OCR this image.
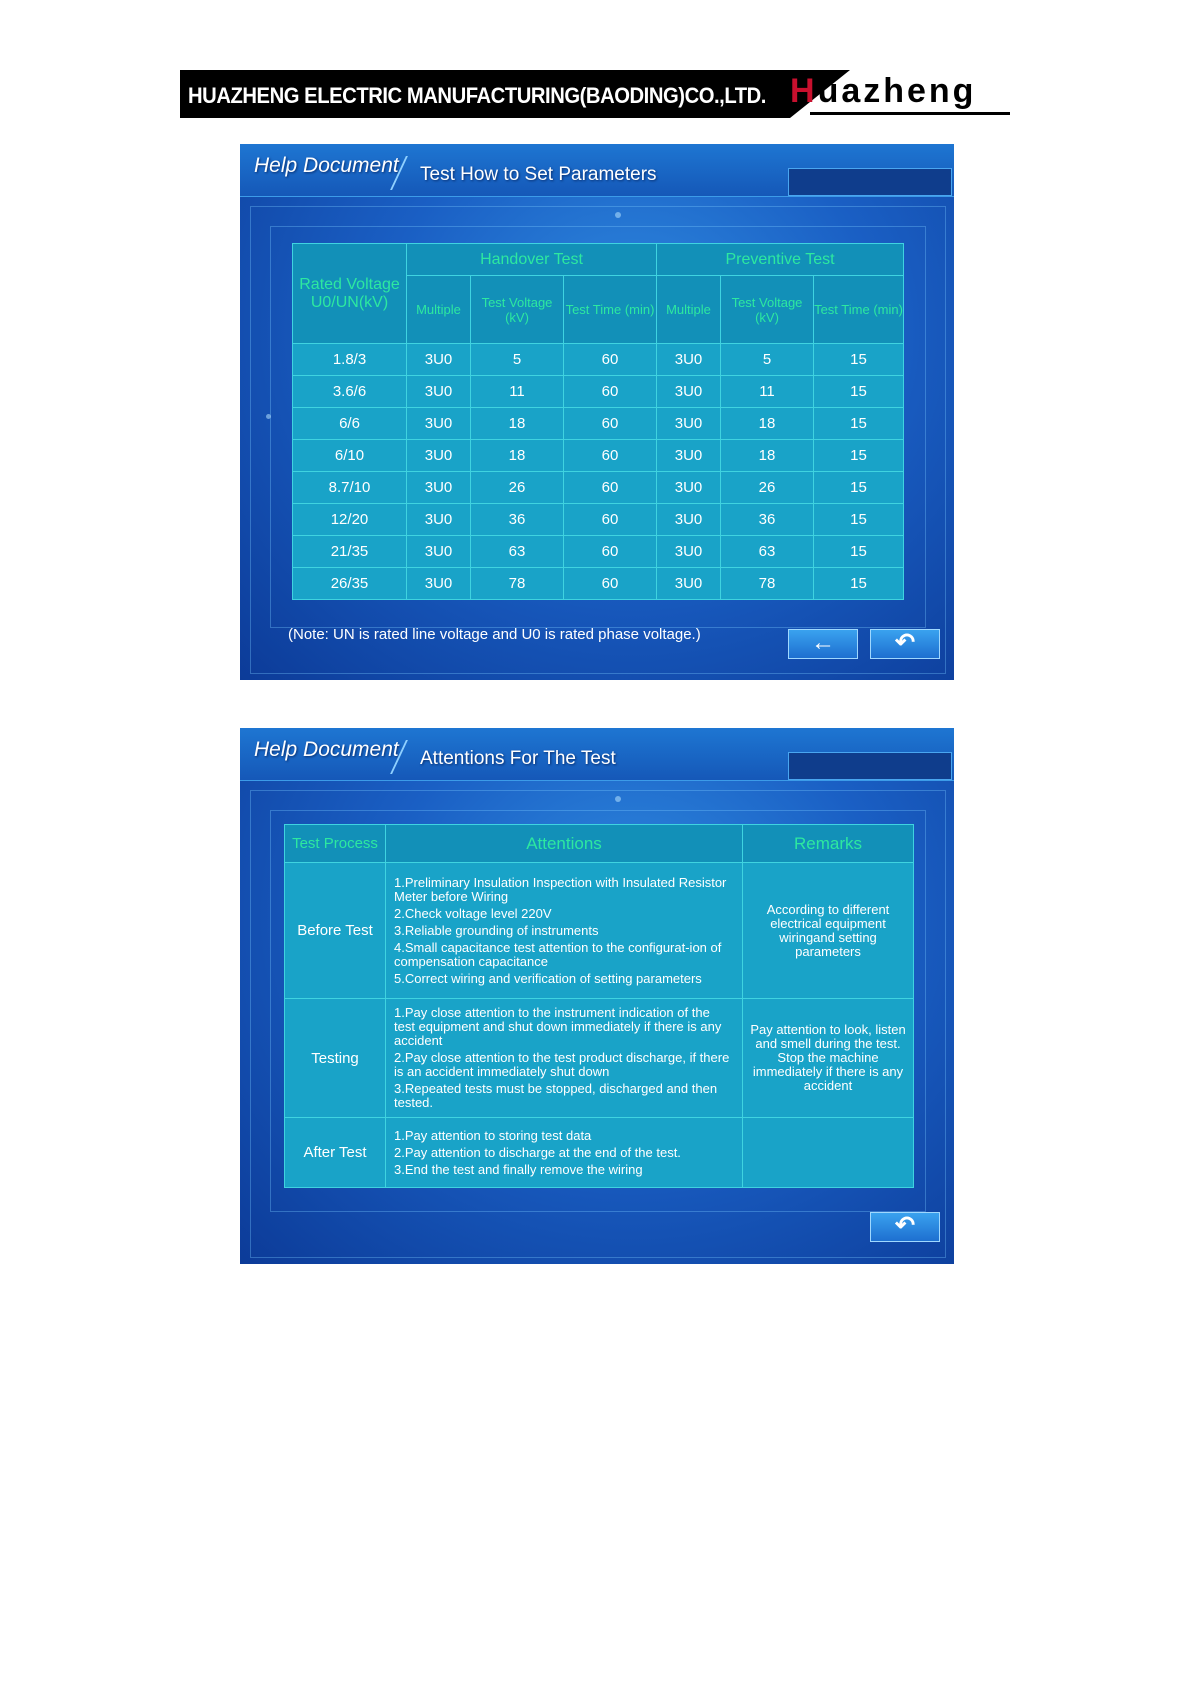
HUAZHENG ELECTRIC MANUFACTURING(BAODING)CO.,LTD. Huazheng
Help Document Test How to Set Parameters
Rated Voltage U0/UN(kV)	Handover Test			Preventive Test		
	Multiple	Test Voltage (kV)	Test Time (min)	Multiple	Test Voltage (kV)	Test Time (min)
1.8/3	3U0	5	60	3U0	5	15
3.6/6	3U0	11	60	3U0	11	15
6/6	3U0	18	60	3U0	18	15
6/10	3U0	18	60	3U0	18	15
8.7/10	3U0	26	60	3U0	26	15
12/20	3U0	36	60	3U0	36	15
21/35	3U0	63	60	3U0	63	15
26/35	3U0	78	60	3U0	78	15
(Note: UN is rated line voltage and U0 is rated phase voltage.)	←	↶
Help Document Attentions For The Test
Test Process	Attentions	Remarks
Before Test	1.Preliminary Insulation Inspection with Insulated Resistor Meter before Wiring
2.Check voltage level 220V
3.Reliable grounding of instruments
4.Small capacitance test attention to the configurat-ion of compensation capacitance
5.Correct wiring and verification of setting parameters	According to different electrical equipment wiringand setting parameters
Testing	1.Pay close attention to the instrument indication of the test equipment and shut down immediately if there is any accident
2.Pay close attention to the test product discharge, if there is an accident immediately shut down
3.Repeated tests must be stopped, discharged and then tested.	Pay attention to look, listen and smell during the test. Stop the machine immediately if there is any accident
After Test	1.Pay attention to storing test data
2.Pay attention to discharge at the end of the test.
3.End the test and finally remove the wiring	

↶
